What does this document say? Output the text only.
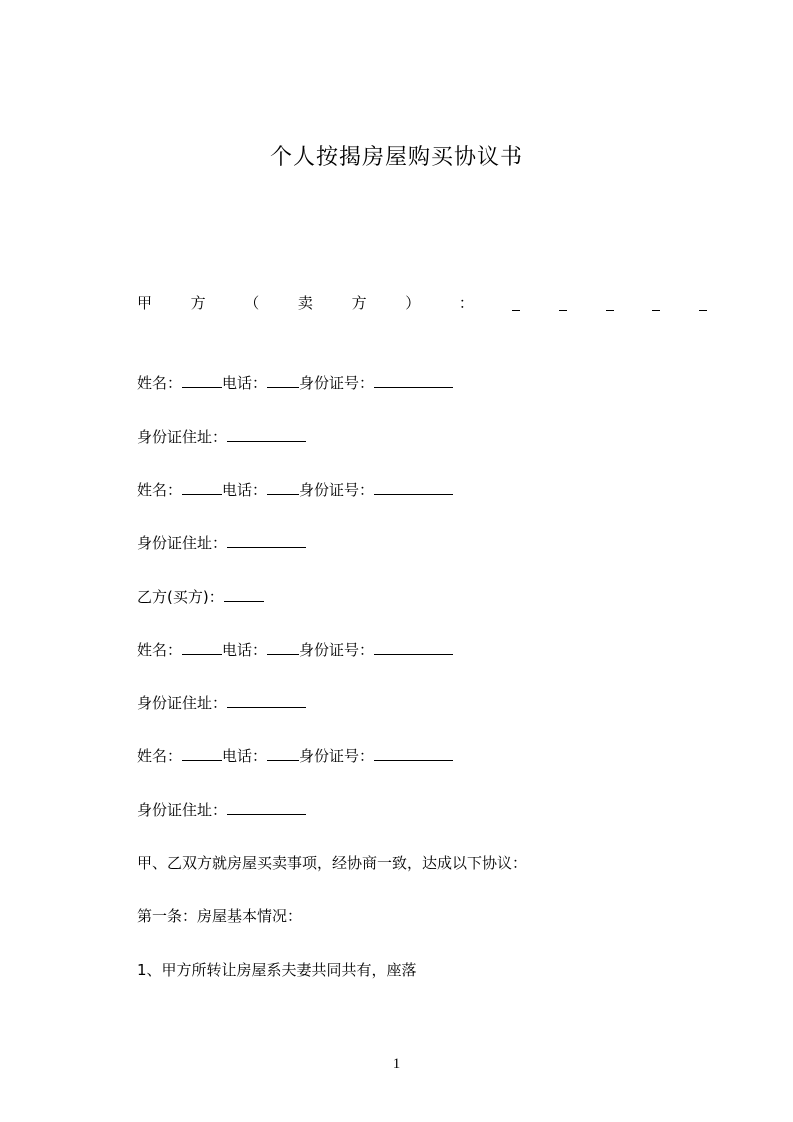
个人按揭房屋购买协议书
甲	方	（	卖	方	）	：
姓名：	电话： 身份证号：
身份证住址：
姓名：	电话： 身份证号：
身份证住址：
乙方(买方)：
姓名：	电话： 身份证号：
身份证住址：
姓名：	电话： 身份证号：
身份证住址：
甲、乙双方就房屋买卖事项，经协商一致，达成以下协议：
第一条：房屋基本情况：
1、甲方所转让房屋系夫妻共同共有，座落
1
